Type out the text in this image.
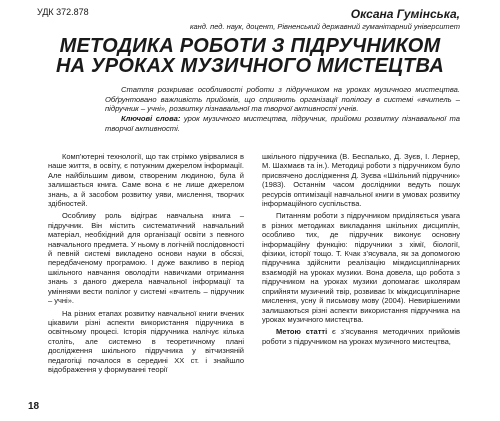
УДК 372.878	Оксана Гумінська,
канд. пед. наук, доцент, Рівненський державний гуманітарний університет
МЕТОДИКА РОБОТИ З ПІДРУЧНИКОМ
НА УРОКАХ МУЗИЧНОГО МИСТЕЦТВА

Стаття розкриває особливості роботи з підручником на уроках музичного мистецтва. Обґрунтовано важливість прийомів, що сприяють організації полілогу в системі «вчитель – підручник – учні», розвитку пізнавальної та творчої активності учнів.

Ключові слова: урок музичного мистецтва, підручник, прийоми розвитку пізнавальної та творчої активності.

Комп’ютерні технології, що так стрімко увірвалися в наше життя, в освіту, є потужним джерелом інформації. Але найбільшим дивом, створеним людиною, була й залишається книга. Саме вона є не лише джерелом знань, а й засобом розвитку уяви, мислення, творчих здібностей.

Особливу роль відіграє навчальна книга – підручник. Він містить систематичний навчальний матеріал, необхідний для організації освіти з певного навчального предмета. У ньому в логічній послідовності й певній системі викладено основи науки в обсязі, передбаченому програмою. І дуже важливо в період шкільного навчання оволодіти навичками отримання знань з даного джерела навчальної інформації та уміннями вести полілог у системі «вчитель – підручник – учні».

На різних етапах розвитку навчальної книги вчених цікавили різні аспекти використання підручника в освітньому процесі. Історія підручника налічує кілька століть, але системно в теоретичному плані дослідження шкільного підручника у вітчизняній педагогіці почалося в середині XX ст. і знайшло відображення у формуванні теорії

шкільного підручника (В. Беспалько, Д. Зуєв, І. Лернер, М. Шахмаєв та ін.). Методиці роботи з підручником було присвячено дослідження Д. Зуєва «Шкільний підручник» (1983). Останнім часом дослідники ведуть пошук ресурсів оптимізації навчальної книги в умовах розвитку інформаційного суспільства.

Питанням роботи з підручником приділяється увага в різних методиках викладання шкільних дисциплін, особливо тих, де підручник виконує основну інформаційну функцію: підручники з хімії, біології, фізики, історії тощо. Т. Кчак з’ясувала, як за допомогою підручника здійснити реалізацію міждисциплінарних взаємодій на уроках музики. Вона довела, що робота з підручником на уроках музики допомагає школярам сприйняти музичний твір, розвиває їх міждисциплінарне мислення, усну й письмову мову (2004). Невирішеними залишаються різні аспекти використання підручника на уроках музичного мистецтва.

Метою статті є з’ясування методичних прийомів роботи з підручником на уроках музичного мистецтва,

18
